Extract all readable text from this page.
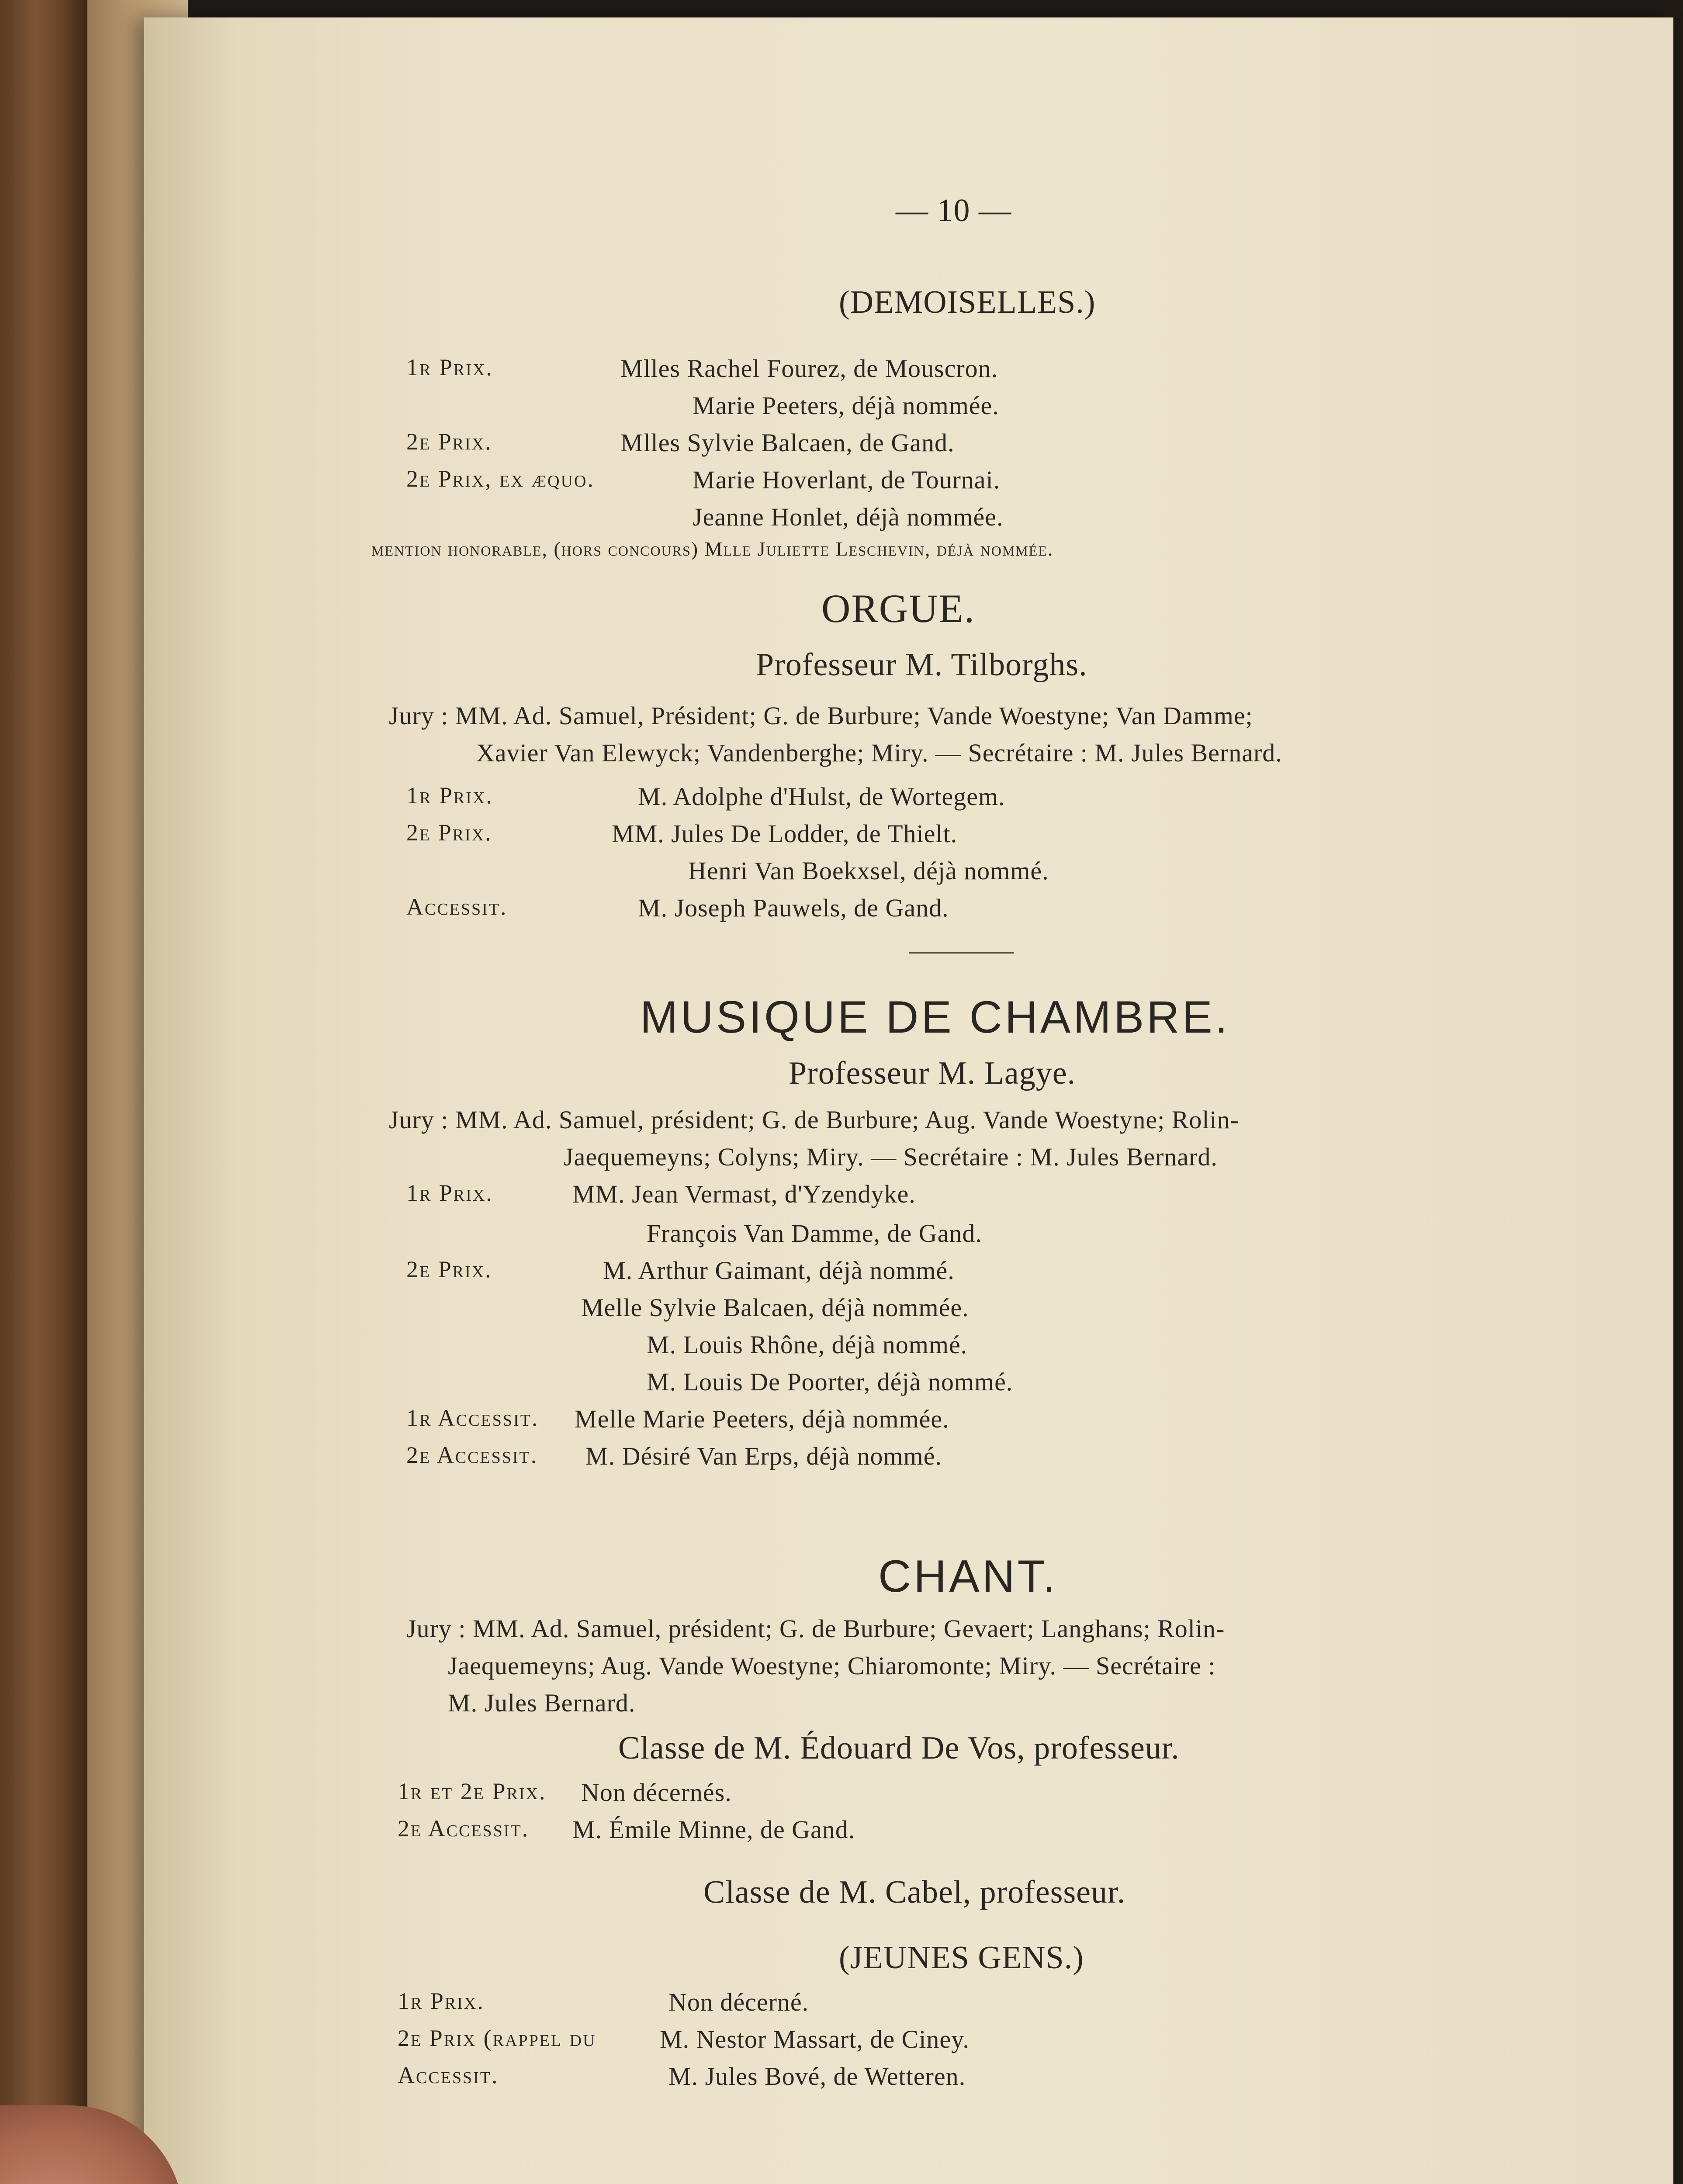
— 10 —
(DEMOISELLES.)
1r Prix.	Mlles Rachel Fourez, de Mouscron.
Marie Peeters, déjà nommée.
2e Prix.	Mlles Sylvie Balcaen, de Gand.
2e Prix, ex æquo.	Marie Hoverlant, de Tournai.
Jeanne Honlet, déjà nommée.
mention honorable, (hors concours) Mlle Juliette Leschevin, déjà nommée.
ORGUE.
Professeur M. Tilborghs.
Jury : MM. Ad. Samuel, Président; G. de Burbure; Vande Woestyne; Van Damme;
Xavier Van Elewyck; Vandenberghe; Miry. — Secrétaire : M. Jules Bernard.
1r Prix.	M. Adolphe d'Hulst, de Wortegem.
2e Prix.	MM. Jules De Lodder, de Thielt.
Henri Van Boekxsel, déjà nommé.
Accessit.	M. Joseph Pauwels, de Gand.
MUSIQUE DE CHAMBRE.
Professeur M. Lagye.
Jury : MM. Ad. Samuel, président; G. de Burbure; Aug. Vande Woestyne; Rolin-
Jaequemeyns; Colyns; Miry. — Secrétaire : M. Jules Bernard.
1r Prix.	MM. Jean Vermast, d'Yzendyke.
François Van Damme, de Gand.
2e Prix.	M. Arthur Gaimant, déjà nommé.
Melle Sylvie Balcaen, déjà nommée.
M. Louis Rhône, déjà nommé.
M. Louis De Poorter, déjà nommé.
1r Accessit. Melle Marie Peeters, déjà nommée.
2e Accessit. M. Désiré Van Erps, déjà nommé.
CHANT.
Jury : MM. Ad. Samuel, président; G. de Burbure; Gevaert; Langhans; Rolin-
Jaequemeyns; Aug. Vande Woestyne; Chiaromonte; Miry. — Secrétaire :
M. Jules Bernard.
Classe de M. Édouard De Vos, professeur.
1r et 2e Prix. Non décernés.
2e Accessit. M. Émile Minne, de Gand.
Classe de M. Cabel, professeur.
(JEUNES GENS.)
1r Prix.	Non décerné.
2e Prix (rappel du	M. Nestor Massart, de Ciney.
Accessit.	M. Jules Bové, de Wetteren.
